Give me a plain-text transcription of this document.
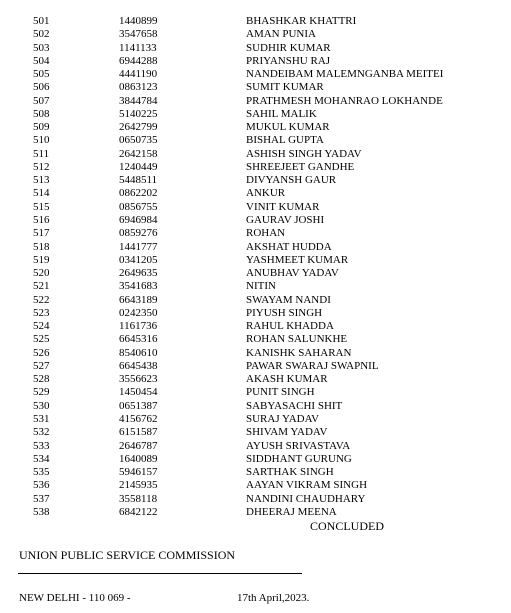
501	1440899	BHASHKAR KHATTRI
502	3547658	AMAN PUNIA
503	1141133	SUDHIR KUMAR
504	6944288	PRIYANSHU RAJ
505	4441190	NANDEIBAM MALEMNGANBA MEITEI
506	0863123	SUMIT KUMAR
507	3844784	PRATHMESH MOHANRAO LOKHANDE
508	5140225	SAHIL MALIK
509	2642799	MUKUL KUMAR
510	0650735	BISHAL GUPTA
511	2642158	ASHISH SINGH YADAV
512	1240449	SHREEJEET GANDHE
513	5448511	DIVYANSH GAUR
514	0862202	ANKUR
515	0856755	VINIT KUMAR
516	6946984	GAURAV JOSHI
517	0859276	ROHAN
518	1441777	AKSHAT HUDDA
519	0341205	YASHMEET KUMAR
520	2649635	ANUBHAV YADAV
521	3541683	NITIN
522	6643189	SWAYAM NANDI
523	0242350	PIYUSH SINGH
524	1161736	RAHUL KHADDA
525	6645316	ROHAN SALUNKHE
526	8540610	KANISHK SAHARAN
527	6645438	PAWAR SWARAJ SWAPNIL
528	3556623	AKASH KUMAR
529	1450454	PUNIT SINGH
530	0651387	SABYASACHI SHIT
531	4156762	SURAJ YADAV
532	6151587	SHIVAM YADAV
533	2646787	AYUSH SRIVASTAVA
534	1640089	SIDDHANT GURUNG
535	5946157	SARTHAK SINGH
536	2145935	AAYAN VIKRAM SINGH
537	3558118	NANDINI CHAUDHARY
538	6842122	DHEERAJ MEENA
CONCLUDED
UNION PUBLIC SERVICE COMMISSION
NEW DELHI - 110 069 -	17th April,2023.
